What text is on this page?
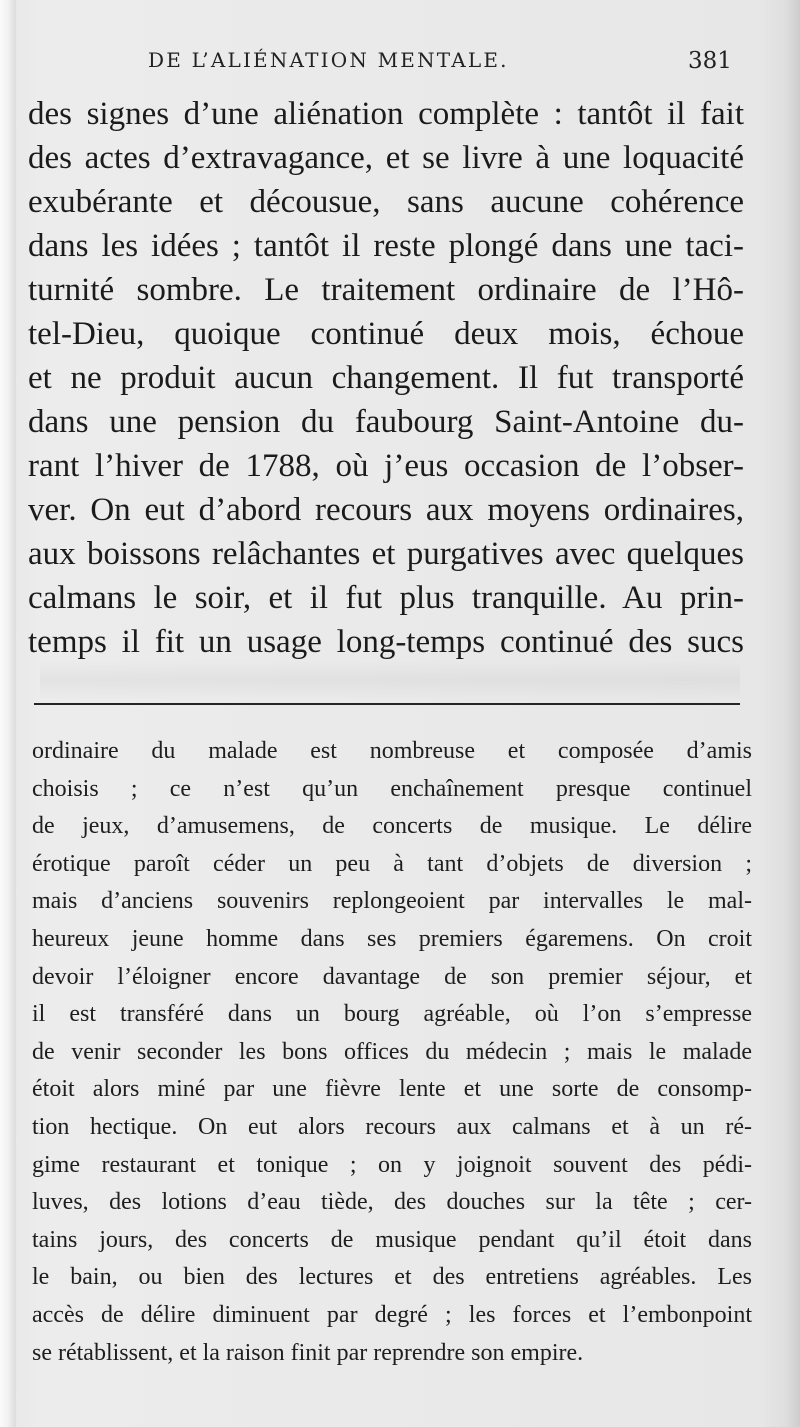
DE L’ALIÉNATION MENTALE.	381
des signes d’une aliénation complète : tantôt il fait
des actes d’extravagance, et se livre à une loquacité
exubérante et décousue, sans aucune cohérence
dans les idées ; tantôt il reste plongé dans une taci-
turnité sombre. Le traitement ordinaire de l’Hô-
tel-Dieu, quoique continué deux mois, échoue
et ne produit aucun changement. Il fut transporté
dans une pension du faubourg Saint-Antoine du-
rant l’hiver de 1788, où j’eus occasion de l’obser-
ver. On eut d’abord recours aux moyens ordinaires,
aux boissons relâchantes et purgatives avec quelques
calmans le soir, et il fut plus tranquille. Au prin-
temps il fit un usage long-temps continué des sucs
ordinaire du malade est nombreuse et composée d’amis
choisis ; ce n’est qu’un enchaînement presque continuel
de jeux, d’amusemens, de concerts de musique. Le délire
érotique paroît céder un peu à tant d’objets de diversion ;
mais d’anciens souvenirs replongeoient par intervalles le mal-
heureux jeune homme dans ses premiers égaremens. On croit
devoir l’éloigner encore davantage de son premier séjour, et
il est transféré dans un bourg agréable, où l’on s’empresse
de venir seconder les bons offices du médecin ; mais le malade
étoit alors miné par une fièvre lente et une sorte de consomp-
tion hectique. On eut alors recours aux calmans et à un ré-
gime restaurant et tonique ; on y joignoit souvent des pédi-
luves, des lotions d’eau tiède, des douches sur la tête ; cer-
tains jours, des concerts de musique pendant qu’il étoit dans
le bain, ou bien des lectures et des entretiens agréables. Les
accès de délire diminuent par degré ; les forces et l’embonpoint
se rétablissent, et la raison finit par reprendre son empire.
